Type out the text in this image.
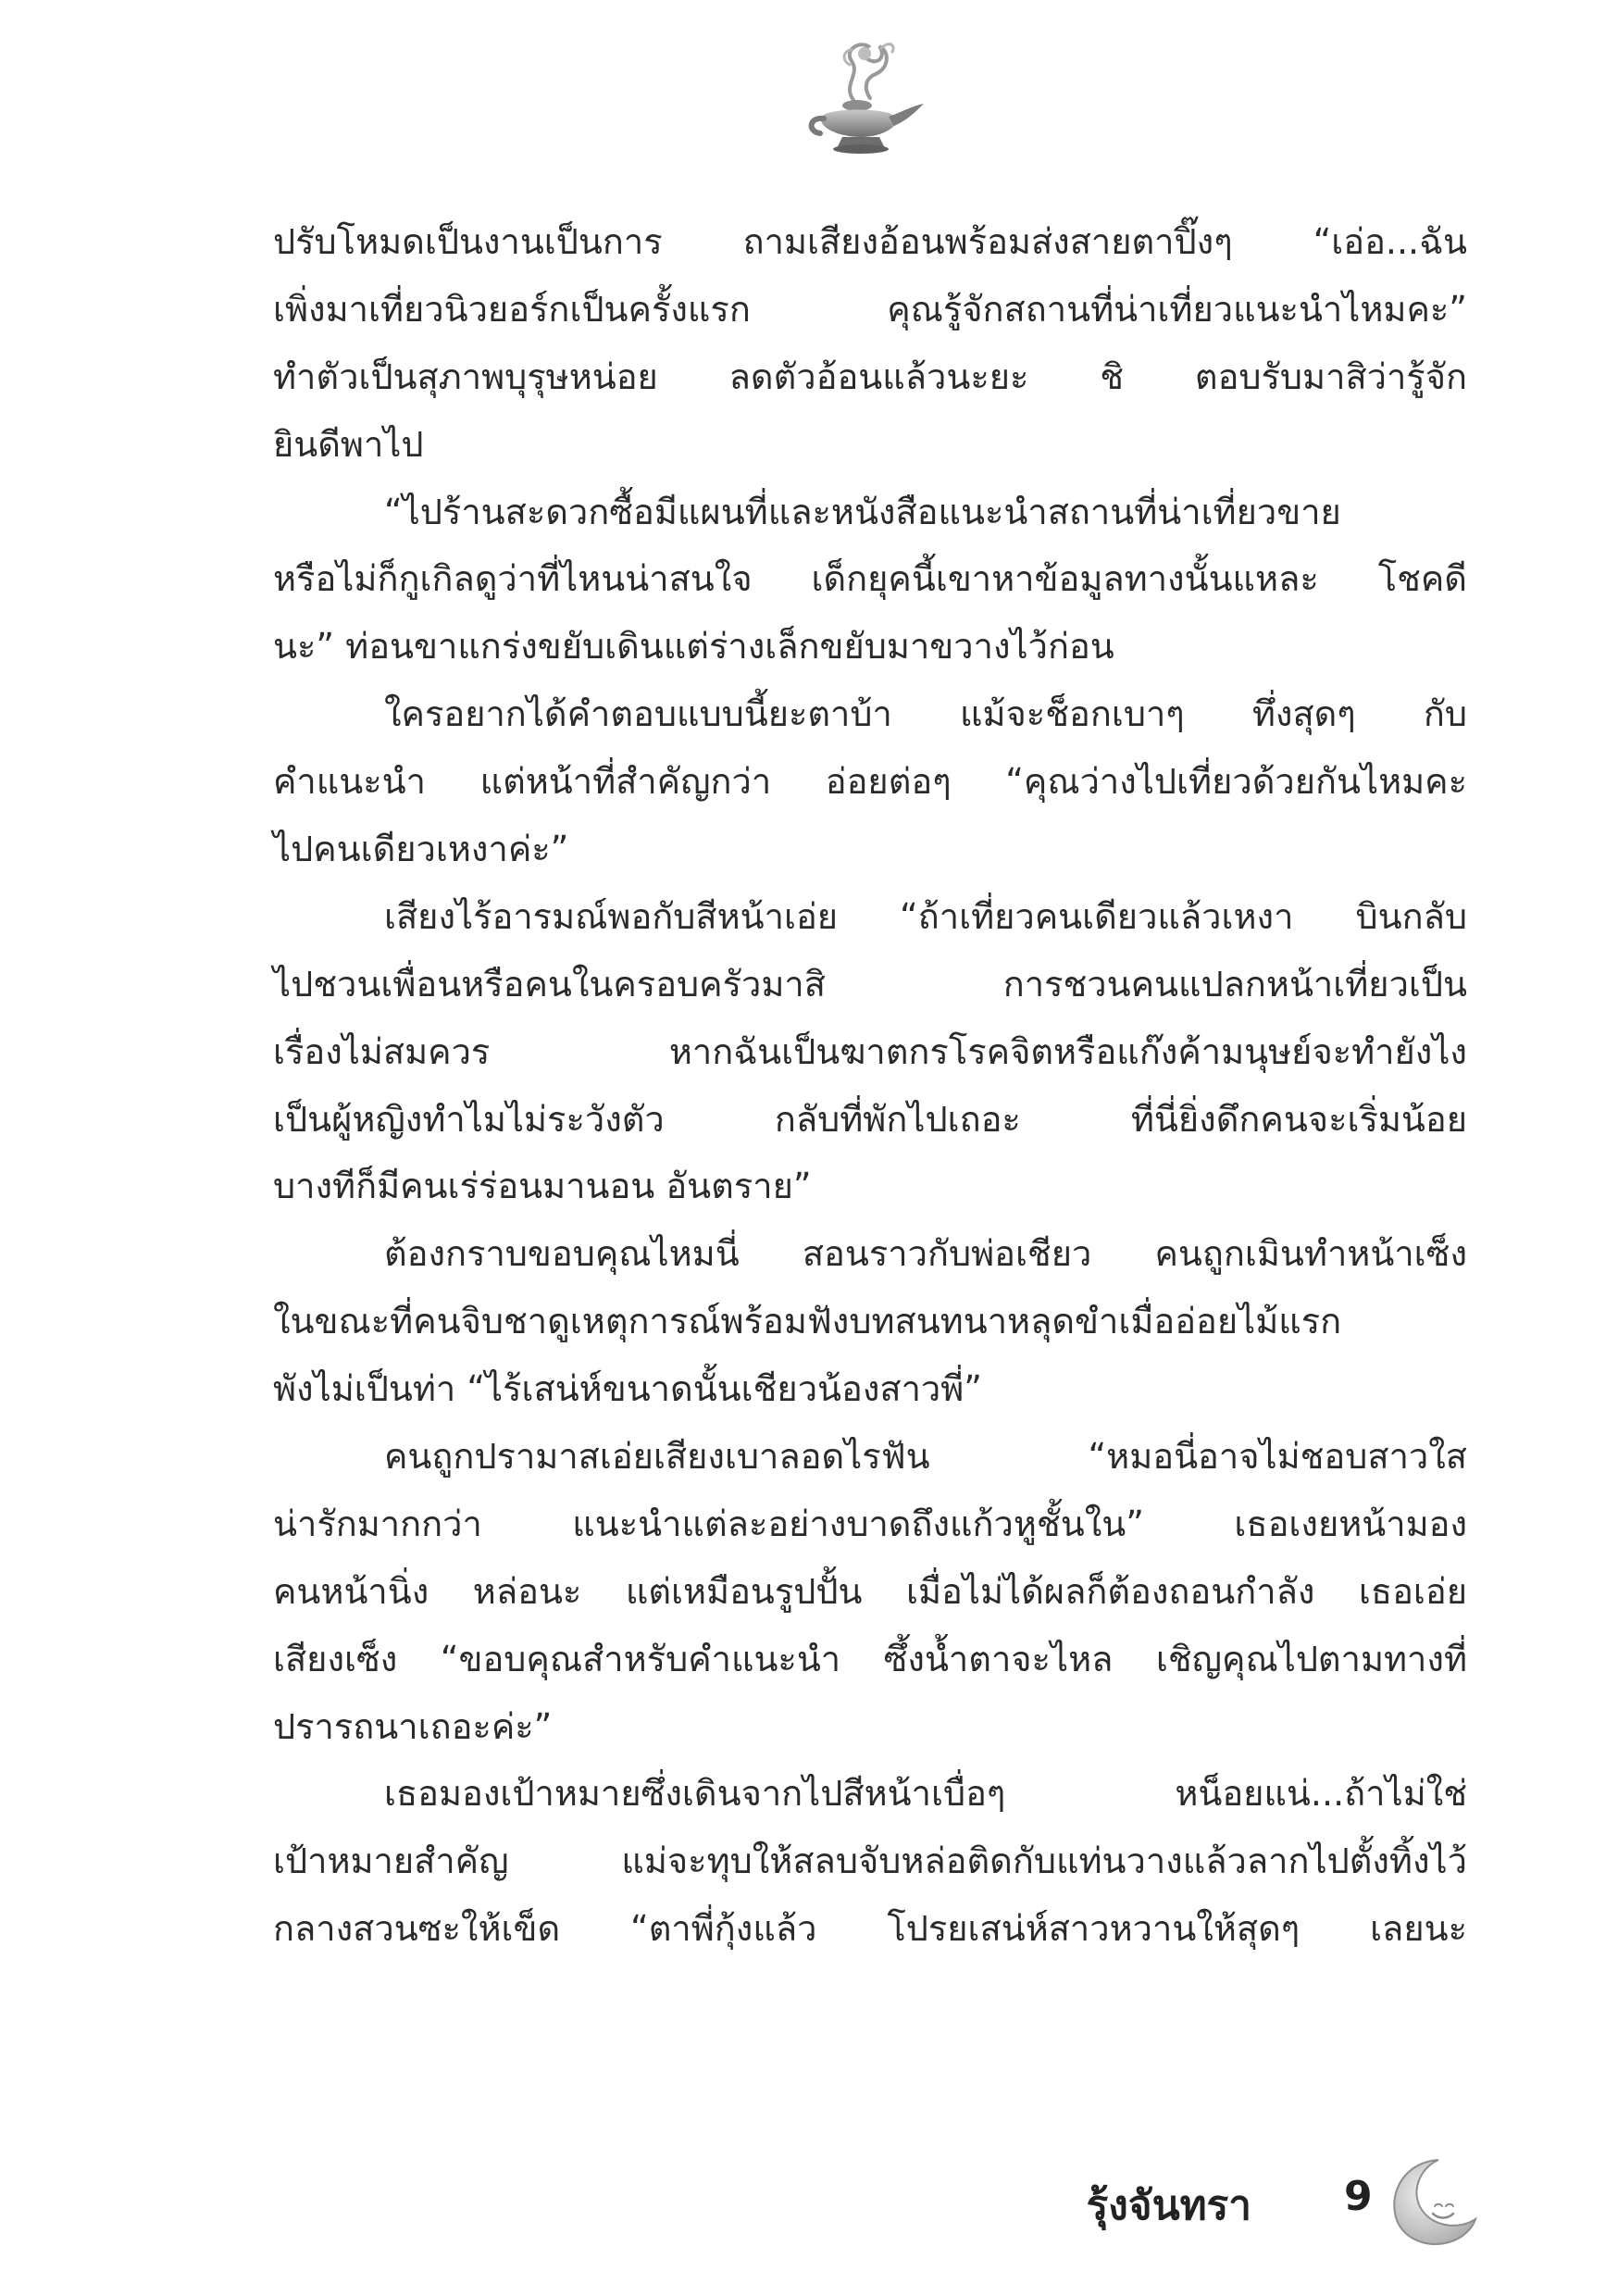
ปรับโหมดเป็นงานเป็นการ ถามเสียงอ้อนพร้อมส่งสายตาปิ๊งๆ “เอ่อ...ฉัน
เพิ่งมาเที่ยวนิวยอร์กเป็นครั้งแรก คุณรู้จักสถานที่น่าเที่ยวแนะนำไหมคะ”
ทำตัวเป็นสุภาพบุรุษหน่อย ลดตัวอ้อนแล้วนะยะ ชิ ตอบรับมาสิว่ารู้จัก
ยินดีพาไป
“ไปร้านสะดวกซื้อมีแผนที่และหนังสือแนะนำสถานที่น่าเที่ยวขาย
หรือไม่ก็กูเกิลดูว่าที่ไหนน่าสนใจ เด็กยุคนี้เขาหาข้อมูลทางนั้นแหละ โชคดี
นะ” ท่อนขาแกร่งขยับเดินแต่ร่างเล็กขยับมาขวางไว้ก่อน
ใครอยากได้คำตอบแบบนี้ยะตาบ้า แม้จะช็อกเบาๆ ทึ่งสุดๆ กับ
คำแนะนำ แต่หน้าที่สำคัญกว่า อ่อยต่อๆ “คุณว่างไปเที่ยวด้วยกันไหมคะ
ไปคนเดียวเหงาค่ะ”
เสียงไร้อารมณ์พอกับสีหน้าเอ่ย “ถ้าเที่ยวคนเดียวแล้วเหงา บินกลับ
ไปชวนเพื่อนหรือคนในครอบครัวมาสิ การชวนคนแปลกหน้าเที่ยวเป็น
เรื่องไม่สมควร หากฉันเป็นฆาตกรโรคจิตหรือแก๊งค้ามนุษย์จะทำยังไง
เป็นผู้หญิงทำไมไม่ระวังตัว กลับที่พักไปเถอะ ที่นี่ยิ่งดึกคนจะเริ่มน้อย
บางทีก็มีคนเร่ร่อนมานอน อันตราย”
ต้องกราบขอบคุณไหมนี่ สอนราวกับพ่อเชียว คนถูกเมินทำหน้าเซ็ง
ในขณะที่คนจิบชาดูเหตุการณ์พร้อมฟังบทสนทนาหลุดขำเมื่ออ่อยไม้แรก
พังไม่เป็นท่า “ไร้เสน่ห์ขนาดนั้นเชียวน้องสาวพี่”
คนถูกปรามาสเอ่ยเสียงเบาลอดไรฟัน “หมอนี่อาจไม่ชอบสาวใส
น่ารักมากกว่า แนะนำแต่ละอย่างบาดถึงแก้วหูชั้นใน” เธอเงยหน้ามอง
คนหน้านิ่ง หล่อนะ แต่เหมือนรูปปั้น เมื่อไม่ได้ผลก็ต้องถอนกำลัง เธอเอ่ย
เสียงเซ็ง “ขอบคุณสำหรับคำแนะนำ ซึ้งน้ำตาจะไหล เชิญคุณไปตามทางที่
ปรารถนาเถอะค่ะ”
เธอมองเป้าหมายซึ่งเดินจากไปสีหน้าเบื่อๆ หน็อยแน่...ถ้าไม่ใช่
เป้าหมายสำคัญ แม่จะทุบให้สลบจับหล่อติดกับแท่นวางแล้วลากไปตั้งทิ้งไว้
กลางสวนซะให้เข็ด “ตาพี่กุ้งแล้ว โปรยเสน่ห์สาวหวานให้สุดๆ เลยนะ
รุ้งจันทรา 9
